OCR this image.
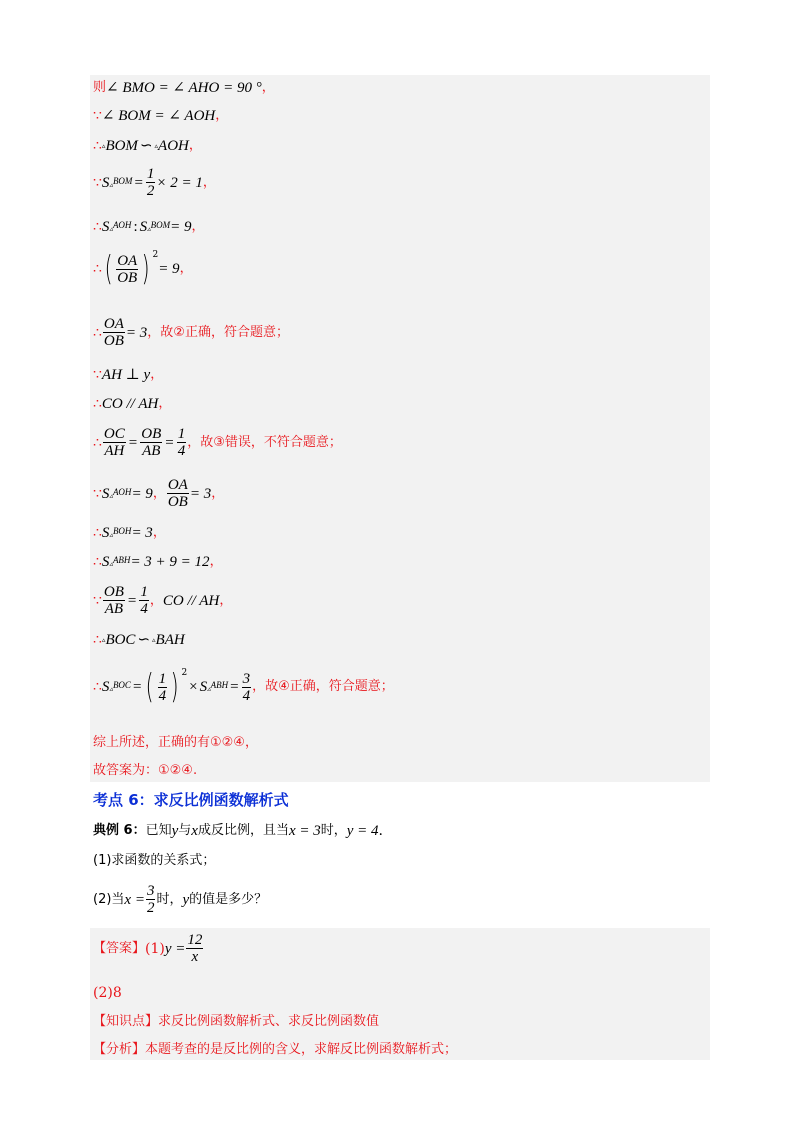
则 ∠ BMO = ∠ AHO = 90 ° ，
∵ ∠ BOM = ∠ AOH ，
∴ ▵ BOM ∽ ▵ AOH ，
∵ S $_▵BOM = \frac{1}{2} \times 2 = 1$ ，
∴ S $_▵$AOH : S $_▵$BOM = 9 ，
∴ ( $\frac{OA}{OB}$ ) 2
= 9 ，
∴ $\frac{OA}{OB} = 3$ ，故②正确，符合题意；
∵ AH ⊥ y ，
∴ CO // AH ，
∴ $\frac{OC}{AH} = \frac{OB}{AB} = \frac{1}{4}$ ，故③错误，不符合题意；
∵ S $_▵$AOH = 9 ， $\frac{OA}{OB} = 3$ ，
∴ S $_▵$BOH = 3 ，
∴ S $_▵$ABH = 3 + 9 = 12 ，
∵ $\frac{OB}{AB} = \frac{1}{4}$ ， CO // AH ，
∴ ▵ BOC ∽ ▵ BAH
∴ S $_▵$BOC = ( $\frac{1}{4}$ ) 2
× S $_▵ABH = \frac{3}{4}$ ，故④正确，符合题意；
综上所述，正确的有①②④，
故答案为：①②④.
考点 6：求反比例函数解析式
典例 6： 已知 y 与 x 成反比例，且当 x = 3 时， y = 4 .
(1)求函数的关系式；
(2)当 $x = \frac{3}{2}$ 时， y 的值是多少？
【答案】 (1) $y = \frac{12}{x}$
(2)8
【知识点】求反比例函数解析式、求反比例函数值
【分析】本题考查的是反比例的含义，求解反比例函数解析式；
